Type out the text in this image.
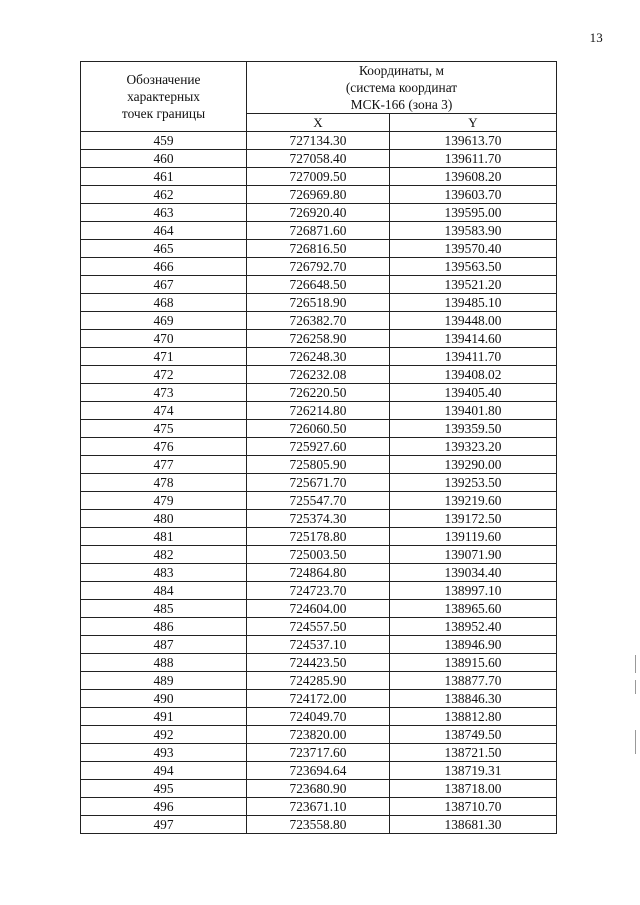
13
Обозначение
характерных
точек границы	Координаты, м
(система координат
МСК-166 (зона 3)	

	X	Y
459	727134.30	139613.70
460	727058.40	139611.70
461	727009.50	139608.20
462	726969.80	139603.70
463	726920.40	139595.00
464	726871.60	139583.90
465	726816.50	139570.40
466	726792.70	139563.50
467	726648.50	139521.20
468	726518.90	139485.10
469	726382.70	139448.00
470	726258.90	139414.60
471	726248.30	139411.70
472	726232.08	139408.02
473	726220.50	139405.40
474	726214.80	139401.80
475	726060.50	139359.50
476	725927.60	139323.20
477	725805.90	139290.00
478	725671.70	139253.50
479	725547.70	139219.60
480	725374.30	139172.50
481	725178.80	139119.60
482	725003.50	139071.90
483	724864.80	139034.40
484	724723.70	138997.10
485	724604.00	138965.60
486	724557.50	138952.40
487	724537.10	138946.90
488	724423.50	138915.60
489	724285.90	138877.70
490	724172.00	138846.30
491	724049.70	138812.80
492	723820.00	138749.50
493	723717.60	138721.50
494	723694.64	138719.31
495	723680.90	138718.00
496	723671.10	138710.70
497	723558.80	138681.30
